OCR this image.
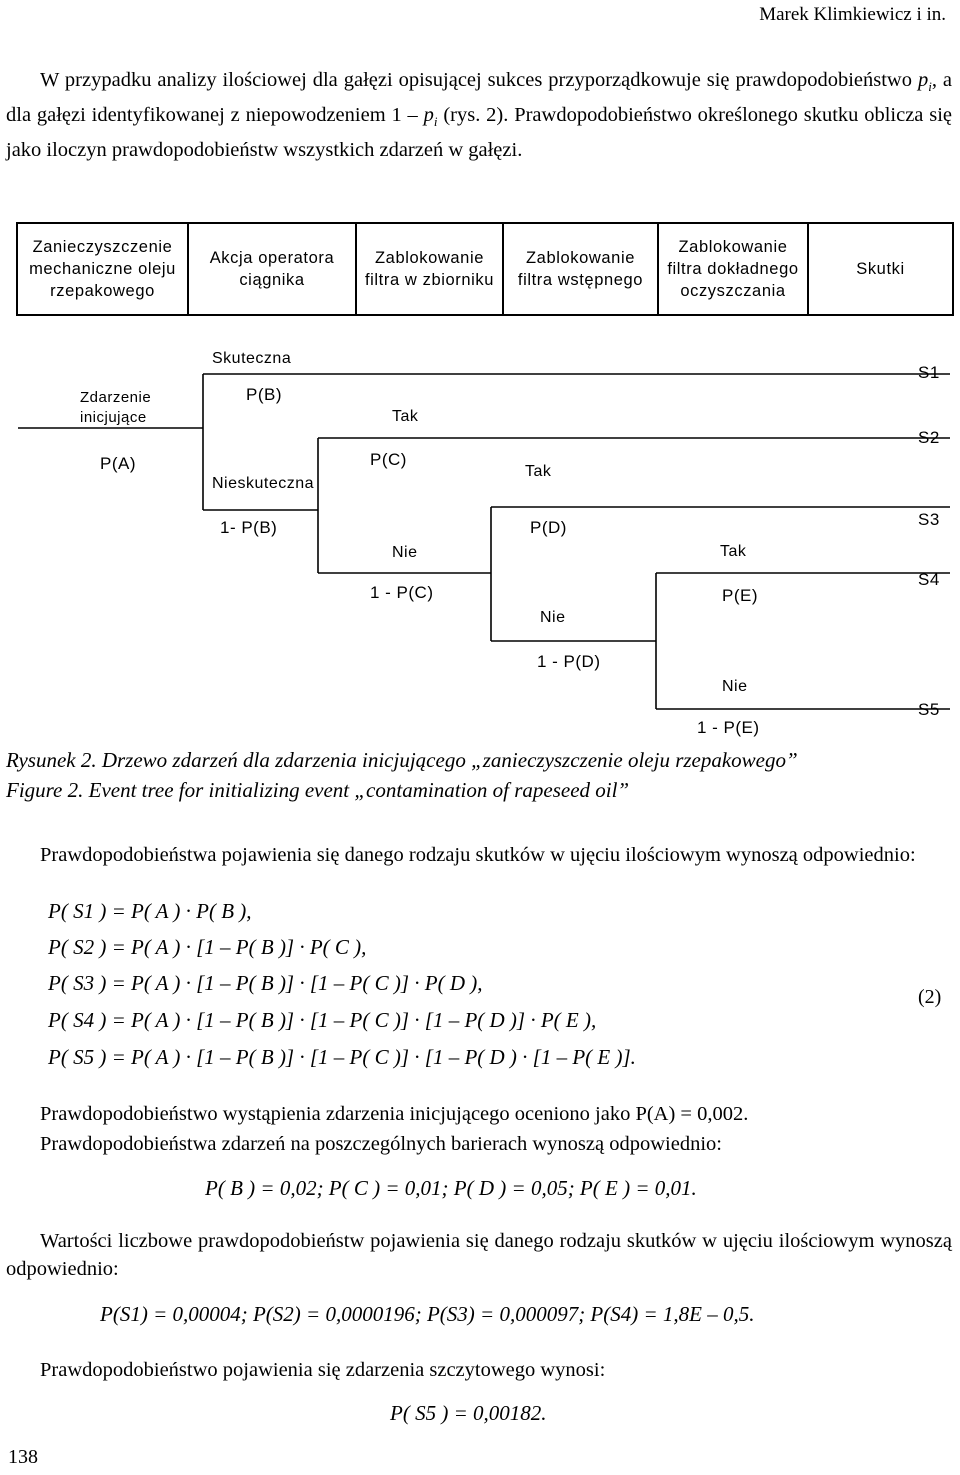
Marek Klimkiewicz i in.
W przypadku analizy ilościowej dla gałęzi opisującej sukces przyporządkowuje się prawdopodobieństwo $p_i$, a dla gałęzi identyfikowanej z niepowodzeniem $1 - p_i$ (rys. 2). Prawdopodobieństwo określonego skutku oblicza się jako iloczyn prawdopodobieństw wszystkich zdarzeń w gałęzi.
Zanieczyszczenie mechaniczne oleju rzepakowego
Akcja operatora ciągnika
Zablokowanie filtra w zbiorniku
Zablokowanie filtra wstępnego
Zablokowanie filtra dokładnego oczyszczania
Skutki
Zdarzenie
inicjujące
P(A)
Skuteczna
P(B)
Nieskuteczna
1- P(B)
Tak
P(C)
Nie
1 - P(C)
Tak
P(D)
Nie
1 - P(D)
Tak
P(E)
Nie
1 - P(E)
S1
S2
S3
S4
S5
Rysunek 2. Drzewo zdarzeń dla zdarzenia inicjującego „zanieczyszczenie oleju rzepakowego”
Figure 2. Event tree for initializing event „contamination of rapeseed oil”
Prawdopodobieństwa pojawienia się danego rodzaju skutków w ujęciu ilościowym wynoszą odpowiednio:
P( S1 ) = P( A ) · P( B ),
P( S2 ) = P( A ) · [1 – P( B )] · P( C ),
P( S3 ) = P( A ) · [1 – P( B )] · [1 – P( C )] · P( D ),
P( S4 ) = P( A ) · [1 – P( B )] · [1 – P( C )] · [1 – P( D )] · P( E ),
P( S5 ) = P( A ) · [1 – P( B )] · [1 – P( C )] · [1 – P( D ) · [1 – P( E )].
(2)
Prawdopodobieństwo wystąpienia zdarzenia inicjującego oceniono jako P(A) = 0,002.
Prawdopodobieństwa zdarzeń na poszczególnych barierach wynoszą odpowiednio:
P( B ) = 0,02; P( C ) = 0,01; P( D ) = 0,05; P( E ) = 0,01.
Wartości liczbowe prawdopodobieństw pojawienia się danego rodzaju skutków w ujęciu ilościowym wynoszą odpowiednio:
P(S1) = 0,00004; P(S2) = 0,0000196; P(S3) = 0,000097; P(S4) = 1,8E – 0,5.
Prawdopodobieństwo pojawienia się zdarzenia szczytowego wynosi:
P( S5 ) = 0,00182.
138
